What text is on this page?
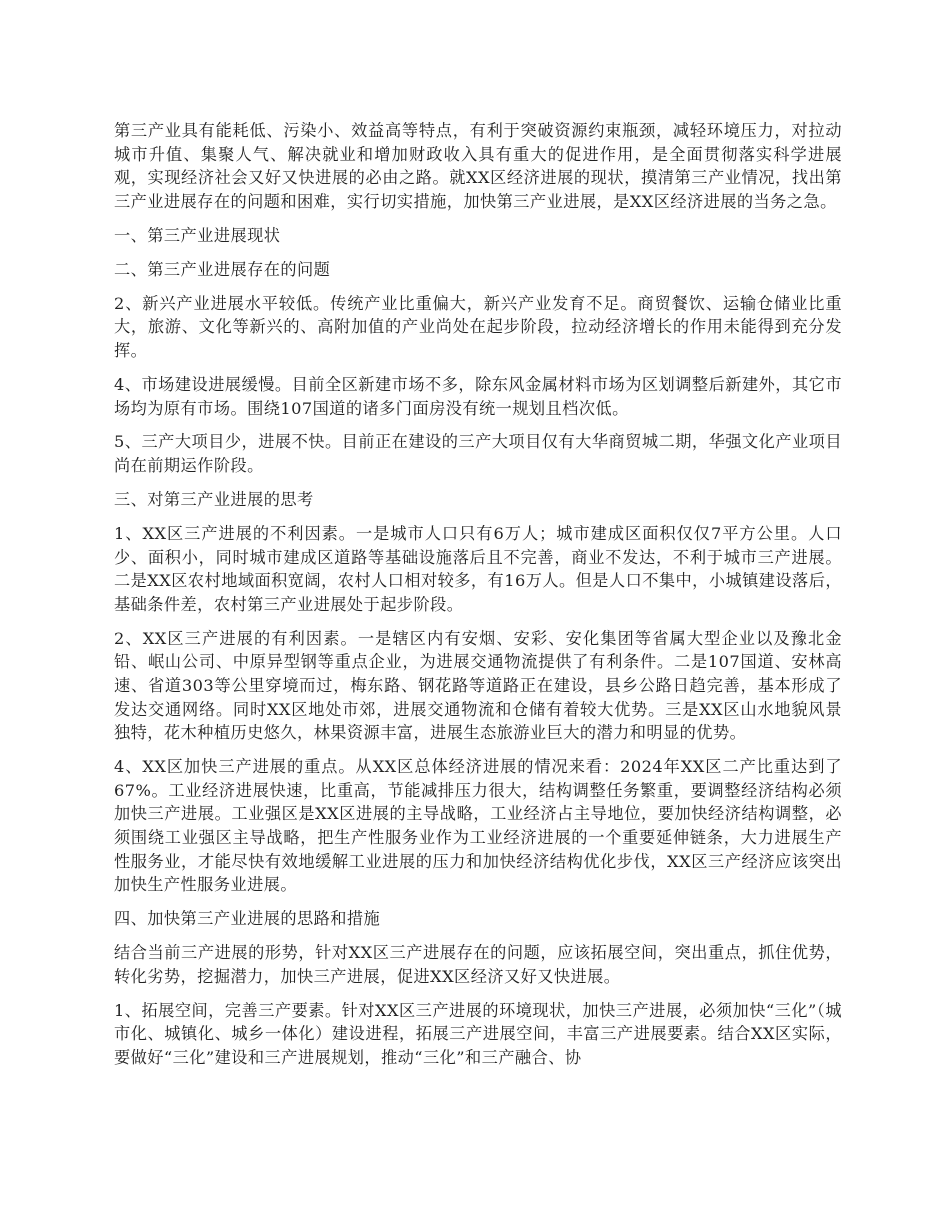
第三产业具有能耗低、污染小、效益高等特点，有利于突破资源约束瓶颈，减轻环境压力，对拉动城市升值、集聚人气、解决就业和增加财政收入具有重大的促进作用，是全面贯彻落实科学进展观，实现经济社会又好又快进展的必由之路。就XX区经济进展的现状，摸清第三产业情况，找出第三产业进展存在的问题和困难，实行切实措施，加快第三产业进展，是XX区经济进展的当务之急。

一、第三产业进展现状

二、第三产业进展存在的问题

2、新兴产业进展水平较低。传统产业比重偏大，新兴产业发育不足。商贸餐饮、运输仓储业比重大，旅游、文化等新兴的、高附加值的产业尚处在起步阶段，拉动经济增长的作用未能得到充分发挥。

4、市场建设进展缓慢。目前全区新建市场不多，除东风金属材料市场为区划调整后新建外，其它市场均为原有市场。围绕107国道的诸多门面房没有统一规划且档次低。

5、三产大项目少，进展不快。目前正在建设的三产大项目仅有大华商贸城二期，华强文化产业项目尚在前期运作阶段。

三、对第三产业进展的思考

1、XX区三产进展的不利因素。一是城市人口只有6万人；城市建成区面积仅仅7平方公里。人口少、面积小，同时城市建成区道路等基础设施落后且不完善，商业不发达，不利于城市三产进展。二是XX区农村地域面积宽阔，农村人口相对较多，有16万人。但是人口不集中，小城镇建设落后，基础条件差，农村第三产业进展处于起步阶段。

2、XX区三产进展的有利因素。一是辖区内有安烟、安彩、安化集团等省属大型企业以及豫北金铅、岷山公司、中原异型钢等重点企业，为进展交通物流提供了有利条件。二是107国道、安林高速、省道303等公里穿境而过，梅东路、钢花路等道路正在建设，县乡公路日趋完善，基本形成了发达交通网络。同时XX区地处市郊，进展交通物流和仓储有着较大优势。三是XX区山水地貌风景独特，花木种植历史悠久，林果资源丰富，进展生态旅游业巨大的潜力和明显的优势。

4、XX区加快三产进展的重点。从XX区总体经济进展的情况来看：2024年XX区二产比重达到了67%。工业经济进展快速，比重高，节能减排压力很大，结构调整任务繁重，要调整经济结构必须加快三产进展。工业强区是XX区进展的主导战略，工业经济占主导地位，要加快经济结构调整，必须围绕工业强区主导战略，把生产性服务业作为工业经济进展的一个重要延伸链条，大力进展生产性服务业，才能尽快有效地缓解工业进展的压力和加快经济结构优化步伐，XX区三产经济应该突出加快生产性服务业进展。

四、加快第三产业进展的思路和措施

结合当前三产进展的形势，针对XX区三产进展存在的问题，应该拓展空间，突出重点，抓住优势，转化劣势，挖掘潜力，加快三产进展，促进XX区经济又好又快进展。

1、拓展空间，完善三产要素。针对XX区三产进展的环境现状，加快三产进展，必须加快“三化”（城市化、城镇化、城乡一体化）建设进程，拓展三产进展空间，丰富三产进展要素。结合XX区实际，要做好“三化”建设和三产进展规划，推动“三化”和三产融合、协
